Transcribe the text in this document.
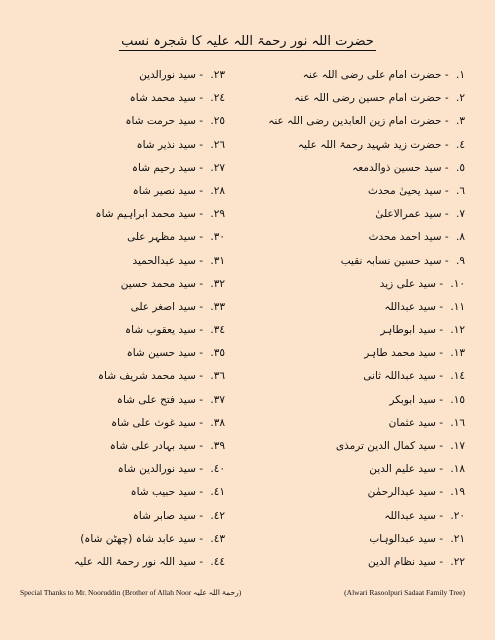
حضرت اللہ نور رحمۃ اللہ علیہ کا شجرہ نسب
١. - حضرت امام علی رضی اللہ عنہ
٢. - حضرت امام حسین رضی اللہ عنہ
٣. - حضرت امام زین العابدین رضی اللہ عنہ
٤. - حضرت زید شہید رحمۃ اللہ علیہ
٥. - سید حسین ذوالدمعہ
٦. - سید یحییٰ محدث
٧. - سید عمرالاعلیٰ
٨. - سید احمد محدث
٩. - سید حسین نسابہ نقیب
١٠. - سید علی زید
١١. - سید عبداللہ
١٢. - سید ابوطاہر
١٣. - سید محمد طاہر
١٤. - سید عبداللہ ثانی
١٥. - سید ابوبکر
١٦. - سید عثمان
١٧. - سید کمال الدین ترمذی
١٨. - سید علیم الدین
١٩. - سید عبدالرحمٰن
٢٠. - سید عبداللہ
٢١. - سید عبدالوہاب
٢٢. - سید نظام الدین
٢٣. - سید نورالدین
٢٤. - سید محمد شاہ
٢٥. - سید حرمت شاہ
٢٦. - سید نذیر شاہ
٢٧. - سید رحیم شاہ
٢٨. - سید نصیر شاہ
٢٩. - سید محمد ابراہیم شاہ
٣٠. - سید مظہر علی
٣١. - سید عبدالحمید
٣٢. - سید محمد حسین
٣٣. - سید اصغر علی
٣٤. - سید یعقوب شاہ
٣٥. - سید حسین شاہ
٣٦. - سید محمد شریف شاہ
٣٧. - سید فتح علی شاہ
٣٨. - سید غوث علی شاہ
٣٩. - سید بہادر علی شاہ
٤٠. - سید نورالدین شاہ
٤١. - سید حبیب شاہ
٤٢. - سید صابر شاہ
٤٣. - سید عابد شاہ (چھٹن شاہ)
٤٤. - سید اللہ نور رحمۃ اللہ علیہ
Special Thanks to Mr. Nooruddin (Brother of Allah Noor رحمۃ اللہ علیہ)	(Alwari Rasoolpuri Sadaat Family Tree)
